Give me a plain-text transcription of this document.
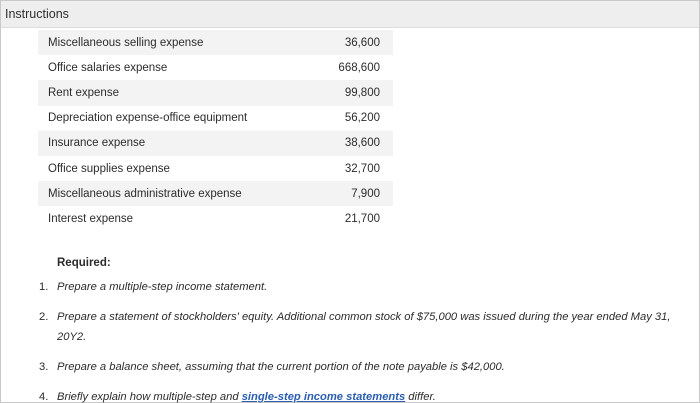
Instructions
Miscellaneous selling expense	36,600
Office salaries expense	668,600
Rent expense	99,800
Depreciation expense-office equipment	56,200
Insurance expense	38,600
Office supplies expense	32,700
Miscellaneous administrative expense	7,900
Interest expense	21,700
Required:
1. Prepare a multiple-step income statement.
2. Prepare a statement of stockholders' equity. Additional common stock of $75,000 was issued during the year ended May 31, 20Y2.
3. Prepare a balance sheet, assuming that the current portion of the note payable is $42,000.
4. Briefly explain how multiple-step and single-step income statements differ.
